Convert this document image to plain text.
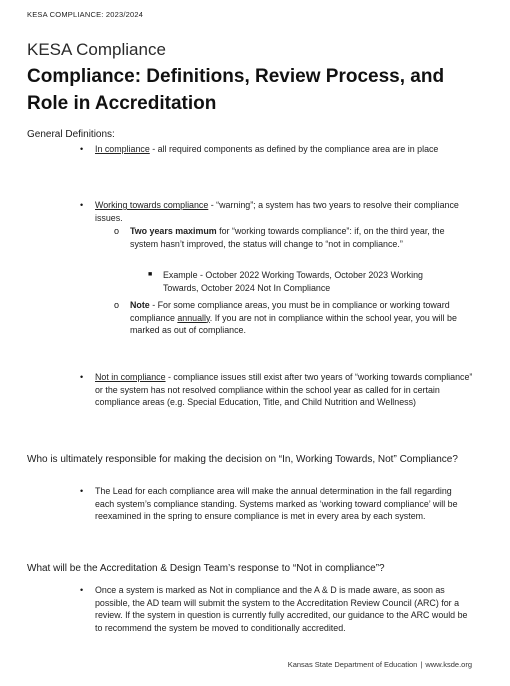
KESA COMPLIANCE: 2023/2024
KESA Compliance
Compliance: Definitions, Review Process, and Role in Accreditation
General Definitions:
• In compliance - all required components as defined by the compliance area are in place
• Working towards compliance - “warning”; a system has two years to resolve their compliance issues.
o Two years maximum for “working towards compliance”: if, on the third year, the system hasn’t improved, the status will change to “not in compliance.”
■ Example - October 2022 Working Towards, October 2023 Working Towards, October 2024 Not In Compliance
o Note - For some compliance areas, you must be in compliance or working toward compliance annually. If you are not in compliance within the school year, you will be marked as out of compliance.
• Not in compliance - compliance issues still exist after two years of “working towards compliance” or the system has not resolved compliance within the school year as called for in certain compliance areas (e.g. Special Education, Title, and Child Nutrition and Wellness)
Who is ultimately responsible for making the decision on “In, Working Towards, Not” Compliance?
• The Lead for each compliance area will make the annual determination in the fall regarding each system’s compliance standing. Systems marked as ‘working toward compliance’ will be reexamined in the spring to ensure compliance is met in every area by each system.
What will be the Accreditation & Design Team’s response to “Not in compliance”?
• Once a system is marked as Not in compliance and the A & D is made aware, as soon as possible, the AD team will submit the system to the Accreditation Review Council (ARC) for a review. If the system in question is currently fully accredited, our guidance to the ARC would be to recommend the system be moved to conditionally accredited.
Kansas State Department of Education | www.ksde.org
